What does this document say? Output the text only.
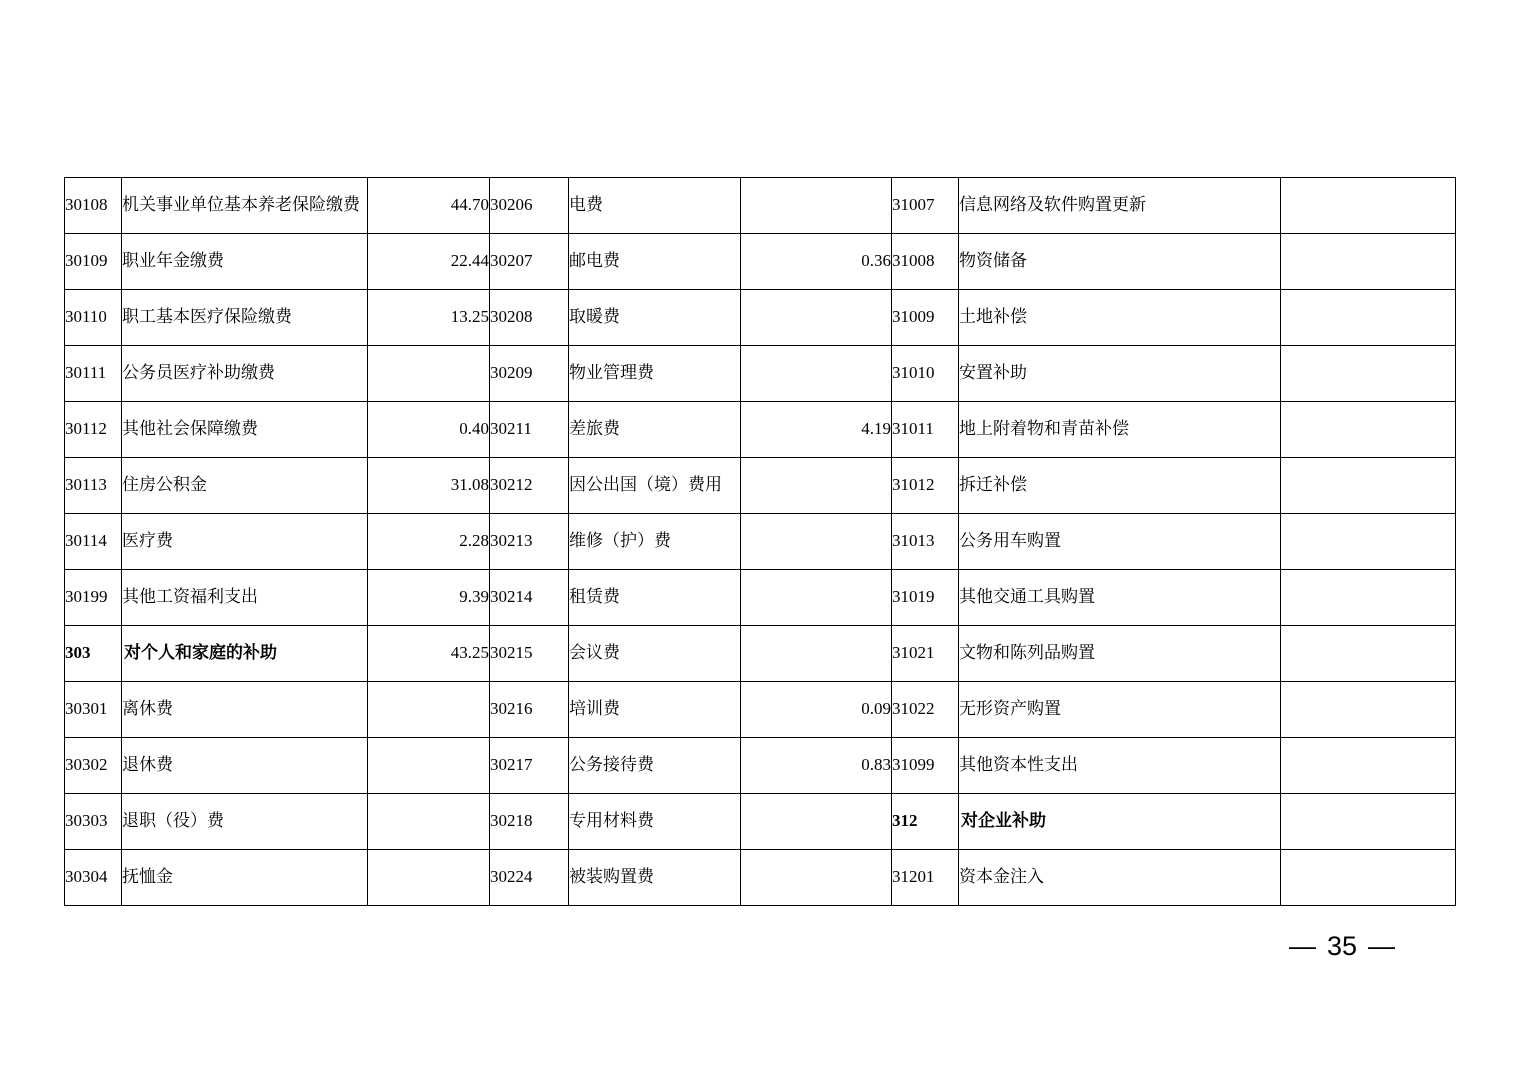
30108	机关事业单位基本养老保险缴费	44.70	30206	电费		31007	信息网络及软件购置更新	
30109	职业年金缴费	22.44	30207	邮电费	0.36	31008	物资储备	
30110	职工基本医疗保险缴费	13.25	30208	取暖费		31009	土地补偿	
30111	公务员医疗补助缴费		30209	物业管理费		31010	安置补助	
30112	其他社会保障缴费	0.40	30211	差旅费	4.19	31011	地上附着物和青苗补偿	
30113	住房公积金	31.08	30212	因公出国（境）费用		31012	拆迁补偿	
30114	医疗费	2.28	30213	维修（护）费		31013	公务用车购置	
30199	其他工资福利支出	9.39	30214	租赁费		31019	其他交通工具购置	
303	对个人和家庭的补助	43.25	30215	会议费		31021	文物和陈列品购置	
30301	离休费		30216	培训费	0.09	31022	无形资产购置	
30302	退休费		30217	公务接待费	0.83	31099	其他资本性支出	
30303	退职（役）费		30218	专用材料费		312	对企业补助	
30304	抚恤金		30224	被装购置费		31201	资本金注入	
— 35 —
